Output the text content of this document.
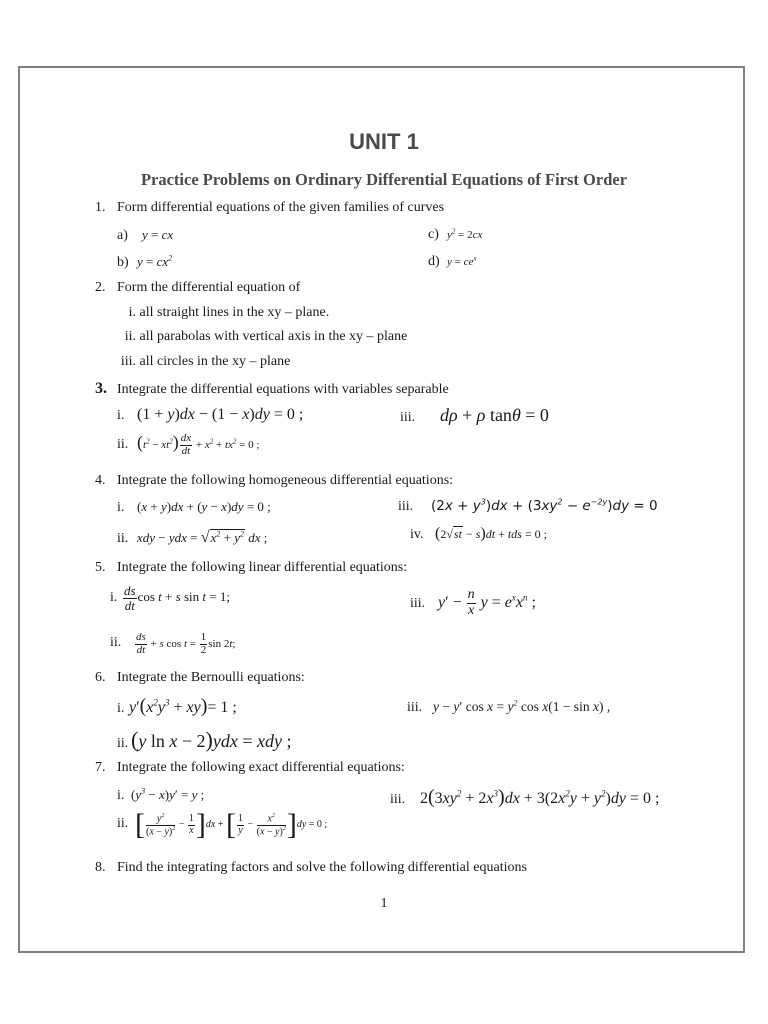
UNIT 1
Practice Problems on Ordinary Differential Equations of First Order
1. Form differential equations of the given families of curves
a) y = cx
b) $y = cx^2$
c) $y^2 = 2cx$
d) $y = ce^x$
2. Form the differential equation of
i. all straight lines in the xy – plane.
ii. all parabolas with vertical axis in the xy – plane
iii. all circles in the xy – plane
3. Integrate the differential equations with variables separable
i. (1 + y)dx − (1 − x)dy = 0 ;
ii. $(t^2 - xt^2) \frac{dx}{dt} + x^2 + tx^2 = 0$ ;
iii. dρ + ρ tanθ = 0
4. Integrate the following homogeneous differential equations:
i. (x + y)dx + (y − x)dy = 0 ;
ii. xdy − ydx = $√x^2 + y^2$ dx ;
iii. $(2x + y^3)dx + (3xy^2 - e^{-2y})dy = 0$
iv. (2√st − s)dt + tds = 0 ;
5. Integrate the following linear differential equations:
i. $\frac{ds}{dt}$ cos t + s sin t = 1;
ii. $\frac{ds}{dt} + s$ $\cos t = \frac{1}{2}$ sin 2t;
iii. $y' - \frac{n}{x}$ $y = e^xx^n$ ;
6. Integrate the Bernoulli equations:
i. $y'(x^2y^3 + xy)= 1$ ;
ii. (y ln x − 2)ydx = xdy ;
iii. y − y′ $\cos x = y^2$ cos x(1 − sin x) ,
7. Integrate the following exact differential equations:
i. $(y^3 - x)y' = y$ ;
ii. [ $\frac{y^2}{(x - y)^2} - \frac{1}{x} ]dx$ + [ $\frac{1}{y} - \frac{x^2}{(x - y)^2} ]dy = 0$ ;
iii. $2(3xy^2 + 2x^3)dx + 3(2x^2y + y^2)dy = 0$ ;
8. Find the integrating factors and solve the following differential equations
1
